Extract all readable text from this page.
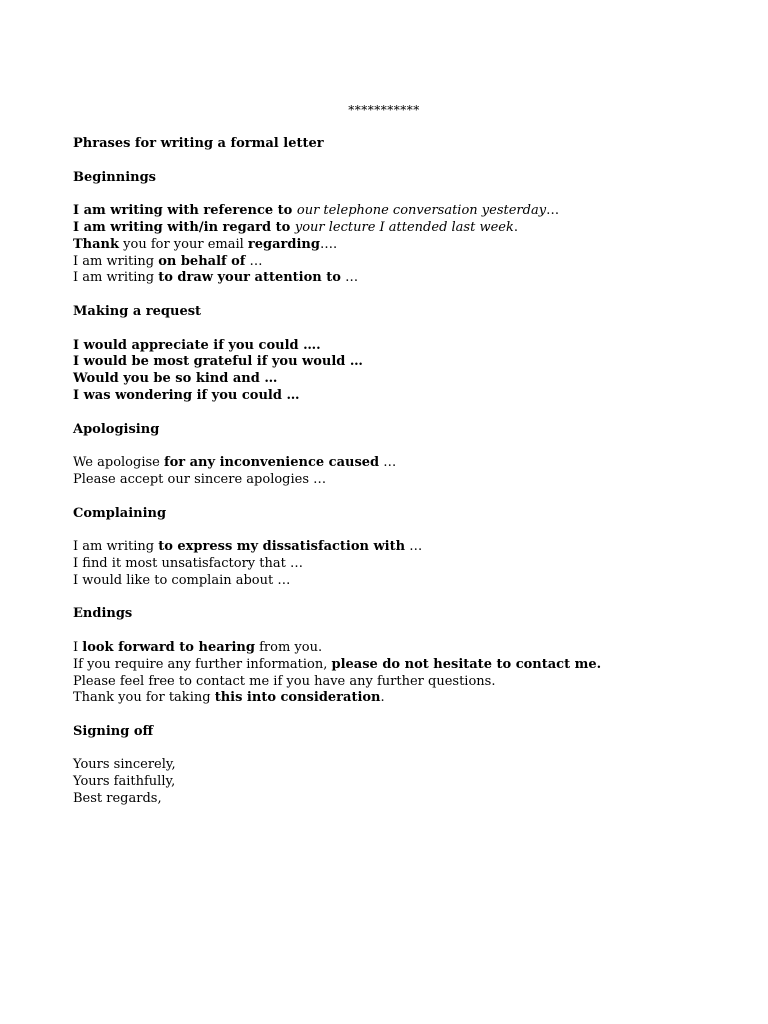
***********
Phrases for writing a formal letter
Beginnings
I am writing with reference to our telephone conversation yesterday…
I am writing with/in regard to your lecture I attended last week.
Thank you for your email regarding….
I am writing on behalf of …
I am writing to draw your attention to …
Making a request
I would appreciate if you could ….
I would be most grateful if you would …
Would you be so kind and …
I was wondering if you could …
Apologising
We apologise for any inconvenience caused …
Please accept our sincere apologies …
Complaining
I am writing to express my dissatisfaction with …
I find it most unsatisfactory that …
I would like to complain about …
Endings
I look forward to hearing from you.
If you require any further information, please do not hesitate to contact me.
Please feel free to contact me if you have any further questions.
Thank you for taking this into consideration.
Signing off
Yours sincerely,
Yours faithfully,
Best regards,
